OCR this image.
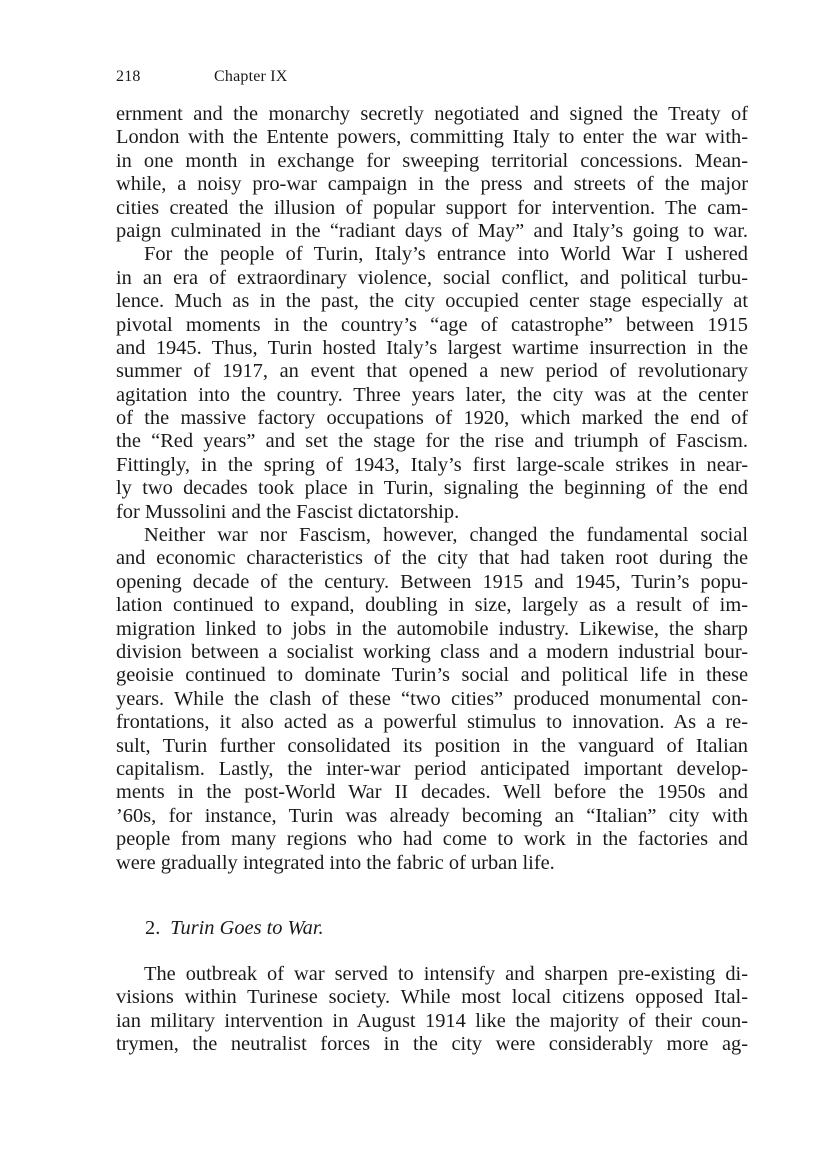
218	Chapter IX
ernment and the monarchy secretly negotiated and signed the Treaty of
London with the Entente powers, committing Italy to enter the war with-
in one month in exchange for sweeping territorial concessions. Mean-
while, a noisy pro-war campaign in the press and streets of the major
cities created the illusion of popular support for intervention. The cam-
paign culminated in the “radiant days of May” and Italy’s going to war.
For the people of Turin, Italy’s entrance into World War I ushered
in an era of extraordinary violence, social conflict, and political turbu-
lence. Much as in the past, the city occupied center stage especially at
pivotal moments in the country’s “age of catastrophe” between 1915
and 1945. Thus, Turin hosted Italy’s largest wartime insurrection in the
summer of 1917, an event that opened a new period of revolutionary
agitation into the country. Three years later, the city was at the center
of the massive factory occupations of 1920, which marked the end of
the “Red years” and set the stage for the rise and triumph of Fascism.
Fittingly, in the spring of 1943, Italy’s first large-scale strikes in near-
ly two decades took place in Turin, signaling the beginning of the end
for Mussolini and the Fascist dictatorship.
Neither war nor Fascism, however, changed the fundamental social
and economic characteristics of the city that had taken root during the
opening decade of the century. Between 1915 and 1945, Turin’s popu-
lation continued to expand, doubling in size, largely as a result of im-
migration linked to jobs in the automobile industry. Likewise, the sharp
division between a socialist working class and a modern industrial bour-
geoisie continued to dominate Turin’s social and political life in these
years. While the clash of these “two cities” produced monumental con-
frontations, it also acted as a powerful stimulus to innovation. As a re-
sult, Turin further consolidated its position in the vanguard of Italian
capitalism. Lastly, the inter-war period anticipated important develop-
ments in the post-World War II decades. Well before the 1950s and
’60s, for instance, Turin was already becoming an “Italian” city with
people from many regions who had come to work in the factories and
were gradually integrated into the fabric of urban life.
2. Turin Goes to War.
The outbreak of war served to intensify and sharpen pre-existing di-
visions within Turinese society. While most local citizens opposed Ital-
ian military intervention in August 1914 like the majority of their coun-
trymen, the neutralist forces in the city were considerably more ag-
